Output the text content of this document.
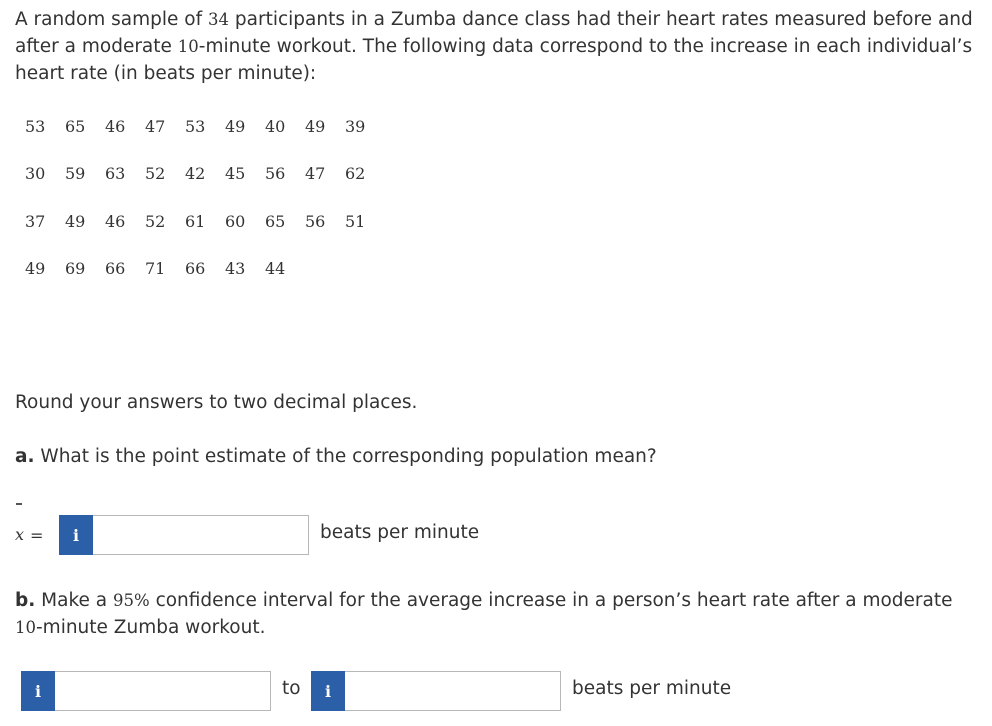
A random sample of 34 participants in a Zumba dance class had their heart rates measured before and after a moderate 10-minute workout. The following data correspond to the increase in each individual’s heart rate (in beats per minute):
53	65	46	47	53	49	40	49	39
30	59	63	52	42	45	56	47	62
37	49	46	52	61	60	65	56	51
49	69	66	71	66	43	44
Round your answers to two decimal places.
a. What is the point estimate of the corresponding population mean?
x =	i	beats per minute
b. Make a 95% confidence interval for the average increase in a person’s heart rate after a moderate 10-minute Zumba workout.
i	to	i	beats per minute
